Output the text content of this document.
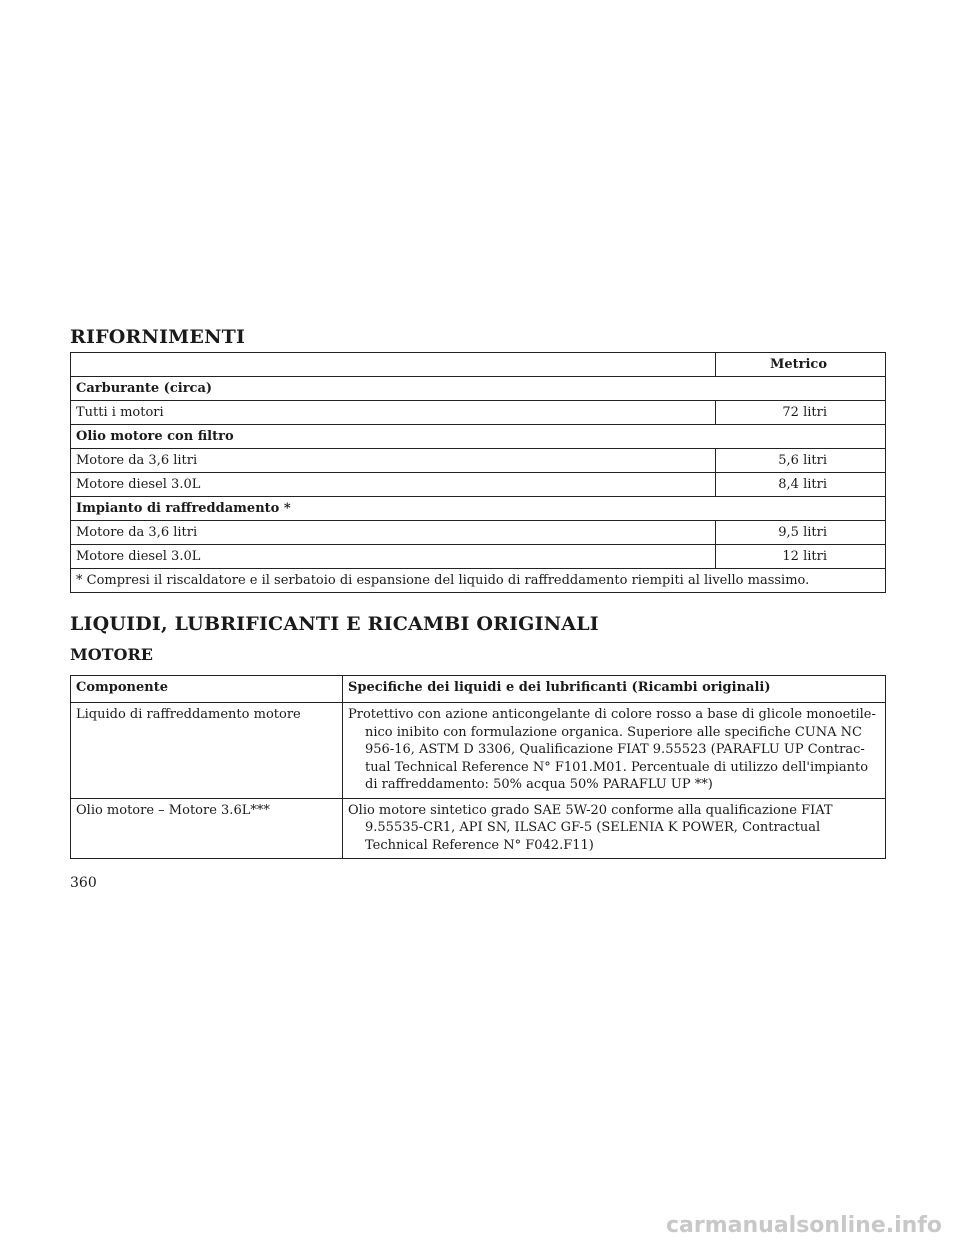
RIFORNIMENTI
	Metrico
Carburante (circa)	
Tutti i motori	72 litri
Olio motore con filtro	
Motore da 3,6 litri	5,6 litri
Motore diesel 3.0L	8,4 litri
Impianto di raffreddamento *	
Motore da 3,6 litri	9,5 litri
Motore diesel 3.0L	12 litri
* Compresi il riscaldatore e il serbatoio di espansione del liquido di raffreddamento riempiti al livello massimo.	
LIQUIDI, LUBRIFICANTI E RICAMBI ORIGINALI
MOTORE
Componente	Specifiche dei liquidi e dei lubrificanti (Ricambi originali)
Liquido di raffreddamento motore	Protettivo con azione anticongelante di colore rosso a base di glicole monoetile-nico inibito con formulazione organica. Superiore alle specifiche CUNA NC 956-16, ASTM D 3306, Qualificazione FIAT 9.55523 (PARAFLU UP Contrac-tual Technical Reference N° F101.M01. Percentuale di utilizzo dell'impianto di raffreddamento: 50% acqua 50% PARAFLU UP **)
Olio motore – Motore 3.6L***	Olio motore sintetico grado SAE 5W-20 conforme alla qualificazione FIAT 9.55535-CR1, API SN, ILSAC GF-5 (SELENIA K POWER, Contractual Technical Reference N° F042.F11)
360
carmanualsonline.info
